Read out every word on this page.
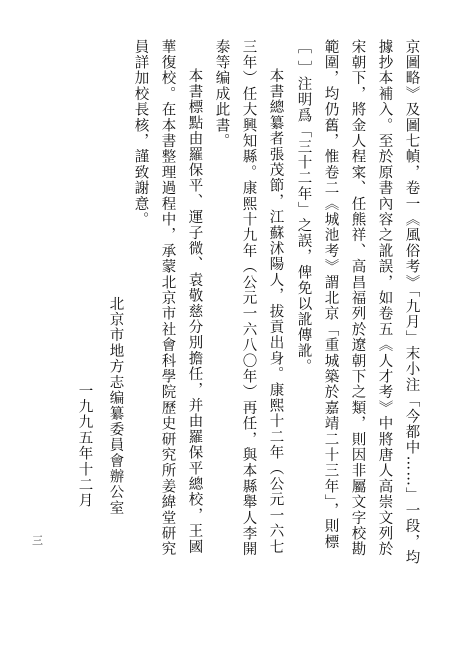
京圖略》及圖七幀，卷一《風俗考》「九月」末小注「今都中……」一段，均
據抄本補入。至於原書內容之訛誤，如卷五《人才考》中將唐人高崇文列於
宋朝下，將金人程寀、任熊祥、高昌福列於遼朝下之類，則因非屬文字校勘
範圍，均仍舊，惟卷二《城池考》謂北京「重城築於嘉靖二十三年」，則標
［ ］注明爲「三十二年」之誤，俾免以訛傳訛。
本書總纂者張茂節，江蘇沭陽人，拔貢出身。康熙十二年（公元一六七
三年）任大興知縣。康熙十九年（公元一六八〇年）再任，與本縣舉人李開
泰等编成此書。
本書標點由羅保平、運子微、袁敬慈分別擔任，并由羅保平總校，王國
華復校。在本書整理過程中，承蒙北京市社會科學院歷史研究所姜緯堂研究
員詳加校長核，謹致謝意。
北京市地方志编纂委員會辦公室
一九九五年十二月
三
